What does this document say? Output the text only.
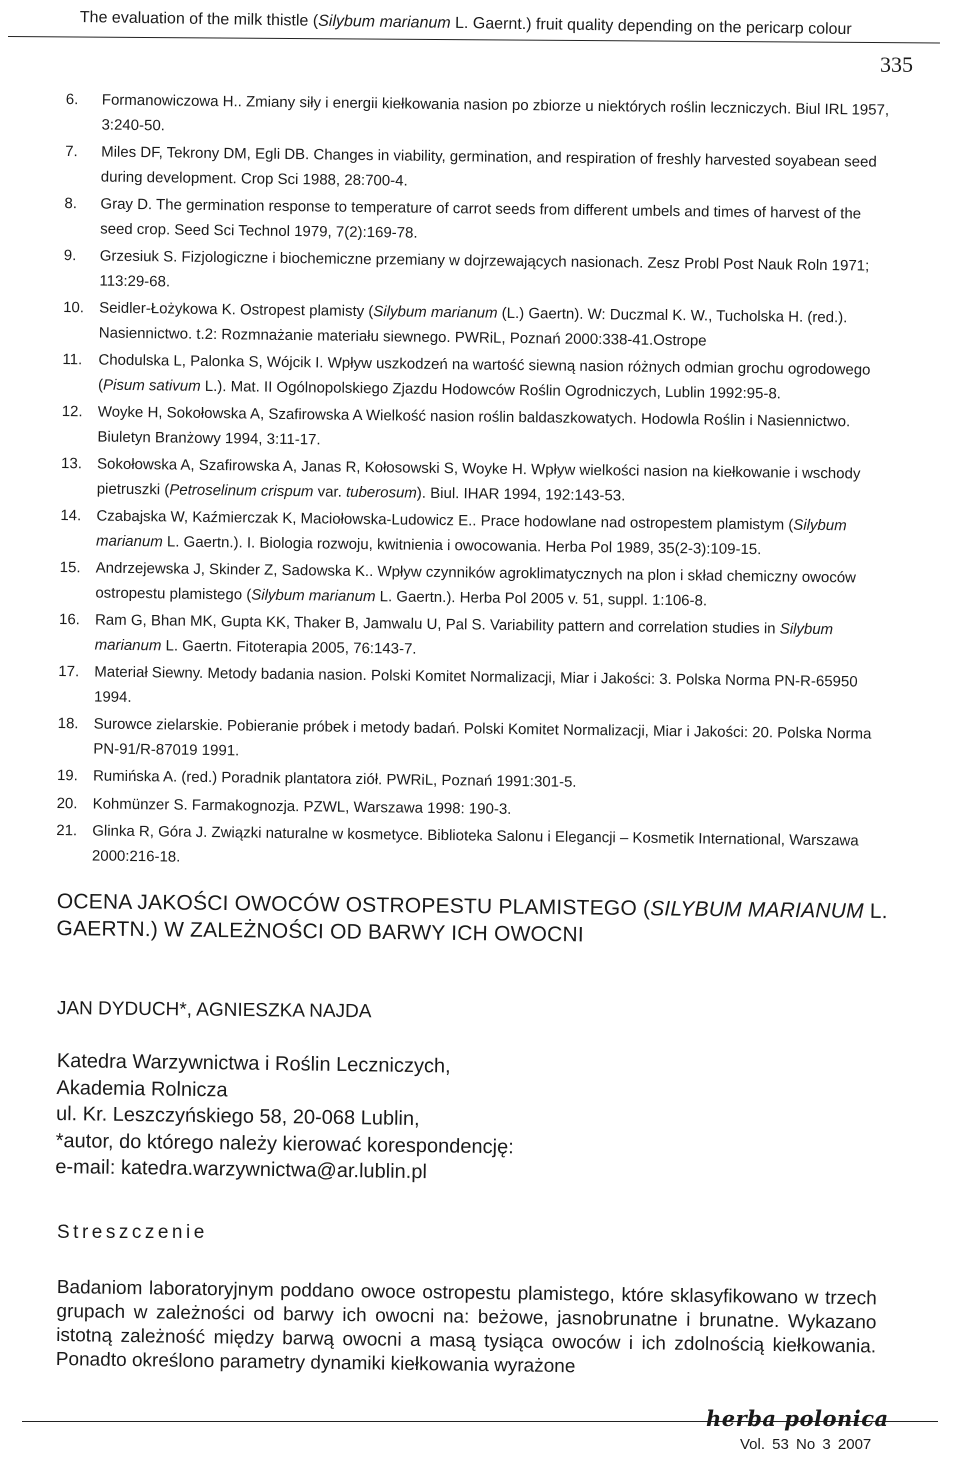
The evaluation of the milk thistle (Silybum marianum L. Gaernt.) fruit quality depending on the pericarp colour
335
6.	Formanowiczowa H.. Zmiany siły i energii kiełkowania nasion po zbiorze u niektórych roślin leczniczych. Biul IRL 1957, 3:240-50.
7.	Miles DF, Tekrony DM, Egli DB. Changes in viability, germination, and respiration of freshly harvested soyabean seed during development. Crop Sci 1988, 28:700-4.
8.	Gray D. The germination response to temperature of carrot seeds from different umbels and times of harvest of the seed crop. Seed Sci Technol 1979, 7(2):169-78.
9.	Grzesiuk S. Fizjologiczne i biochemiczne przemiany w dojrzewających nasionach. Zesz Probl Post Nauk Roln 1971; 113:29-68.
10. Seidler-Łożykowa K. Ostropest plamisty (Silybum marianum (L.) Gaertn). W: Duczmal K. W., Tucholska H. (red.). Nasiennictwo. t.2: Rozmnażanie materiału siewnego. PWRiL, Poznań 2000:338-41.Ostrope
11.	Chodulska L, Palonka S, Wójcik I. Wpływ uszkodzeń na wartość siewną nasion różnych odmian grochu ogrodowego (Pisum sativum L.). Mat. II Ogólnopolskiego Zjazdu Hodowców Roślin Ogrodniczych, Lublin 1992:95-8.
12. Woyke H, Sokołowska A, Szafirowska A Wielkość nasion roślin baldaszkowatych. Hodowla Roślin i Nasiennictwo. Biuletyn Branżowy 1994, 3:11-17.
13. Sokołowska A, Szafirowska A, Janas R, Kołosowski S, Woyke H. Wpływ wielkości nasion na kiełkowanie i wschody pietruszki (Petroselinum crispum var. tuberosum). Biul. IHAR 1994, 192:143-53.
14. Czabajska W, Kaźmierczak K, Maciołowska-Ludowicz E.. Prace hodowlane nad ostropestem plamistym (Silybum marianum L. Gaertn.). I. Biologia rozwoju, kwitnienia i owocowania. Herba Pol 1989, 35(2-3):109-15.
15. Andrzejewska J, Skinder Z, Sadowska K.. Wpływ czynników agroklimatycznych na plon i skład chemiczny owoców ostropestu plamistego (Silybum marianum L. Gaertn.). Herba Pol 2005 v. 51, suppl. 1:106-8.
16. Ram G, Bhan MK, Gupta KK, Thaker B, Jamwalu U, Pal S. Variability pattern and correlation studies in Silybum marianum L. Gaertn. Fitoterapia 2005, 76:143-7.
17. Materiał Siewny. Metody badania nasion. Polski Komitet Normalizacji, Miar i Jakości: 3. Polska Norma PN-R-65950 1994.
18. Surowce zielarskie. Pobieranie próbek i metody badań. Polski Komitet Normalizacji, Miar i Jakości: 20. Polska Norma PN-91/R-87019 1991.
19. Rumińska A. (red.) Poradnik plantatora ziół. PWRiL, Poznań 1991:301-5.
20. Kohmünzer S. Farmakognozja. PZWL, Warszawa 1998: 190-3.
21. Glinka R, Góra J. Związki naturalne w kosmetyce. Biblioteka Salonu i Elegancji – Kosmetik International, Warszawa 2000:216-18.
OCENA JAKOŚCI OWOCÓW OSTROPESTU PLAMISTEGO (SILYBUM MARIANUM L. GAERTN.) W ZALEŻNOŚCI OD BARWY ICH OWOCNI
JAN DYDUCH*, AGNIESZKA NAJDA
Katedra Warzywnictwa i Roślin Leczniczych,
Akademia Rolnicza
ul. Kr. Leszczyńskiego 58, 20-068 Lublin,
*autor, do którego należy kierować korespondencję:
e-mail: katedra.warzywnictwa@ar.lublin.pl
Streszczenie
Badaniom laboratoryjnym poddano owoce ostropestu plamistego, które sklasyfikowano w trzech grupach w zależności od barwy ich owocni na: beżowe, jasnobrunatne i brunatne. Wykazano istotną zależność między barwą owocni a masą tysiąca owoców i ich zdolnością kiełkowania. Ponadto określono parametry dynamiki kiełkowania wyrażone
herba polonica
Vol. 53 No 3 2007
